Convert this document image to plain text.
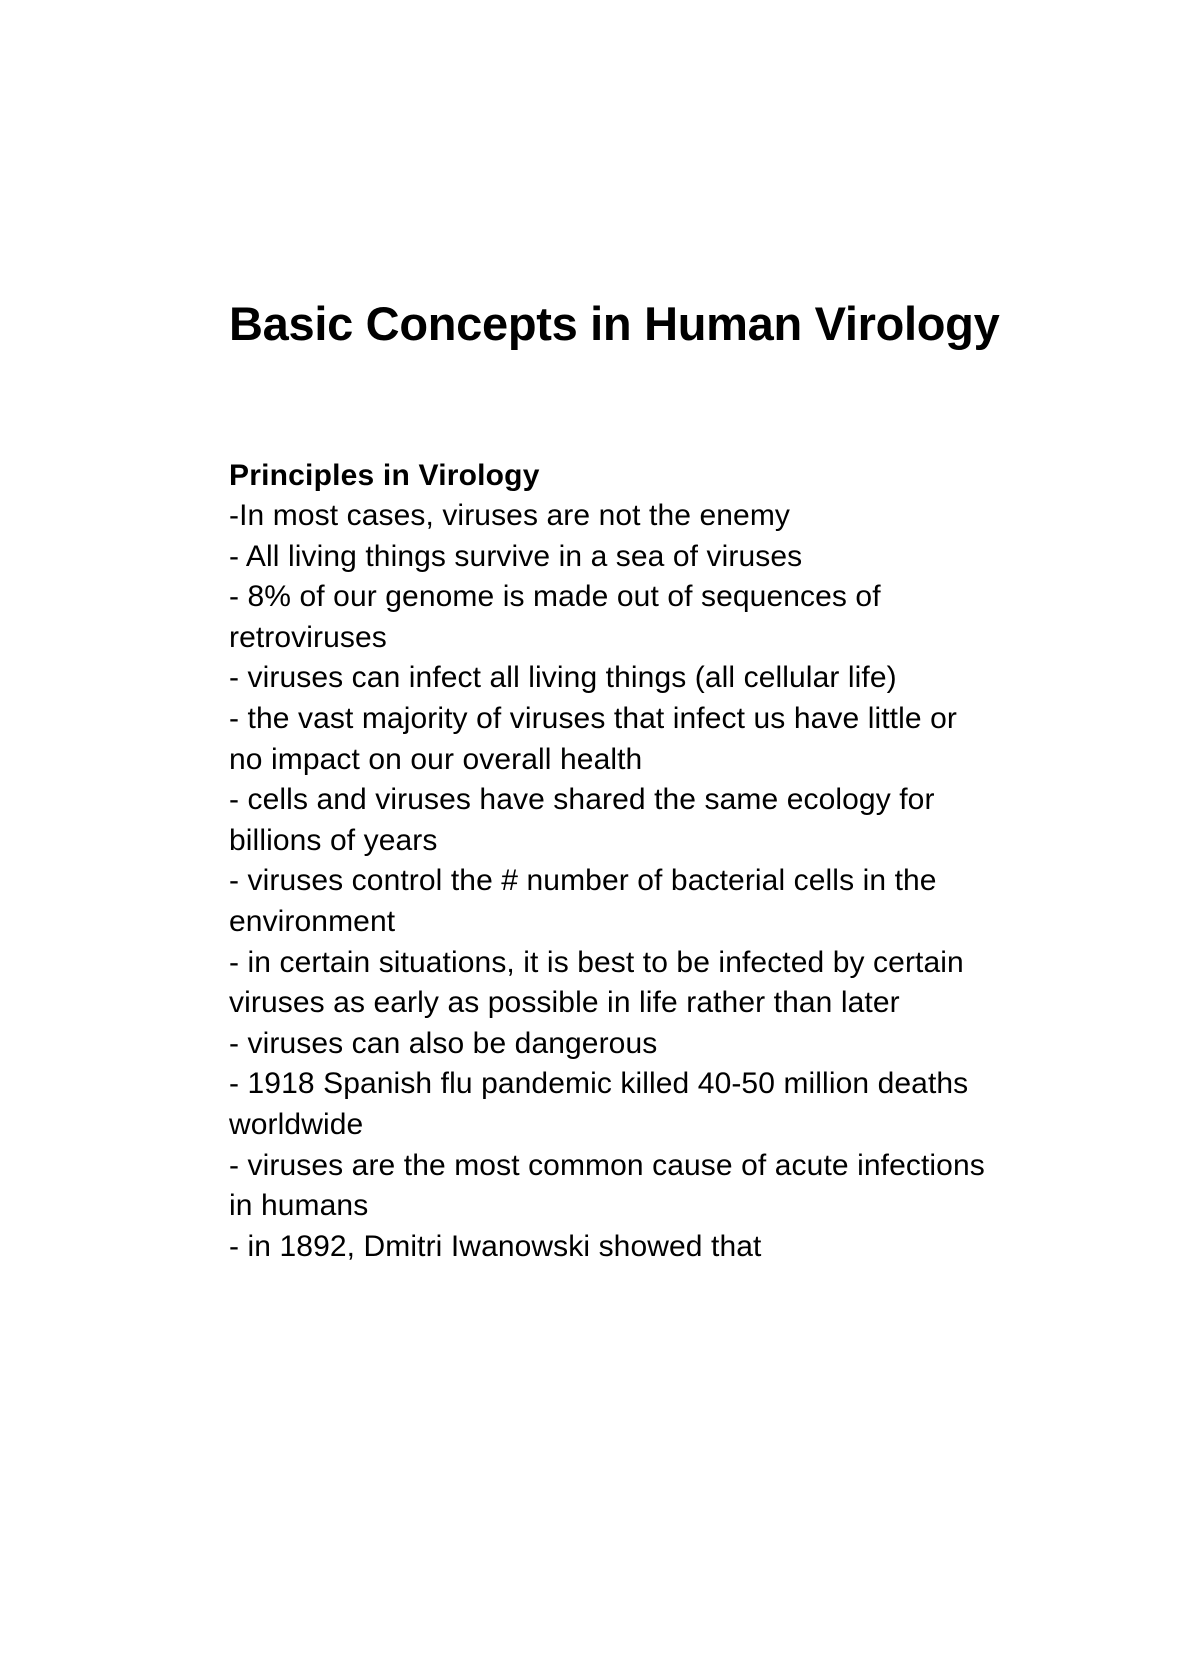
Basic Concepts in Human Virology
Principles in Virology
-In most cases, viruses are not the enemy
- All living things survive in a sea of viruses
- 8% of our genome is made out of sequences of retroviruses
- viruses can infect all living things (all cellular life)
- the vast majority of viruses that infect us have little or no impact on our overall health
- cells and viruses have shared the same ecology for billions of years
- viruses control the # number of bacterial cells in the environment
- in certain situations, it is best to be infected by certain viruses as early as possible in life rather than later
- viruses can also be dangerous
- 1918 Spanish flu pandemic killed 40-50 million deaths worldwide
- viruses are the most common cause of acute infections in humans
- in 1892, Dmitri Iwanowski showed that
